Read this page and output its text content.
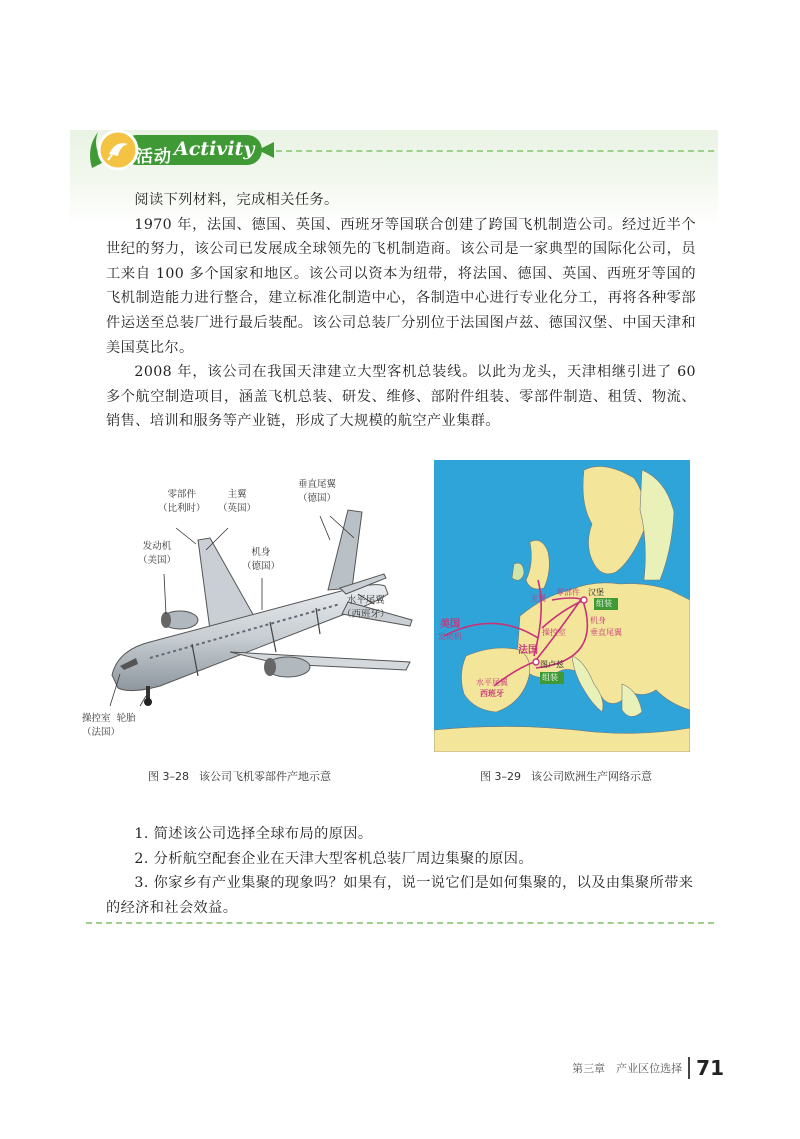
活动 Activity

阅读下列材料，完成相关任务。

1970 年，法国、德国、英国、西班牙等国联合创建了跨国飞机制造公司。经过近半个世纪的努力，该公司已发展成全球领先的飞机制造商。该公司是一家典型的国际化公司，员工来自 100 多个国家和地区。该公司以资本为纽带，将法国、德国、英国、西班牙等国的飞机制造能力进行整合，建立标准化制造中心，各制造中心进行专业化分工，再将各种零部件运送至总装厂进行最后装配。该公司总装厂分别位于法国图卢兹、德国汉堡、中国天津和美国莫比尔。

2008 年，该公司在我国天津建立大型客机总装线。以此为龙头，天津相继引进了 60 多个航空制造项目，涵盖飞机总装、研发、维修、部附件组装、零部件制造、租赁、物流、销售、培训和服务等产业链，形成了大规模的航空产业集群。

零部件
（比利时）
主翼
（英国）
垂直尾翼
（德国）
发动机
（美国）
机身
（德国）
水平尾翼
（西班牙）
操控室 轮胎
（法国）
图 3–28 该公司飞机零部件产地示意
美国
发动机
汉堡
组装
主翼
零部件
机身
垂直尾翼
操控室
法国
图卢兹
组装
水平尾翼
西班牙
图 3–29 该公司欧洲生产网络示意

1. 简述该公司选择全球布局的原因。

2. 分析航空配套企业在天津大型客机总装厂周边集聚的原因。

3. 你家乡有产业集聚的现象吗？如果有，说一说它们是如何集聚的，以及由集聚所带来的经济和社会效益。

第三章　产业区位选择 71
